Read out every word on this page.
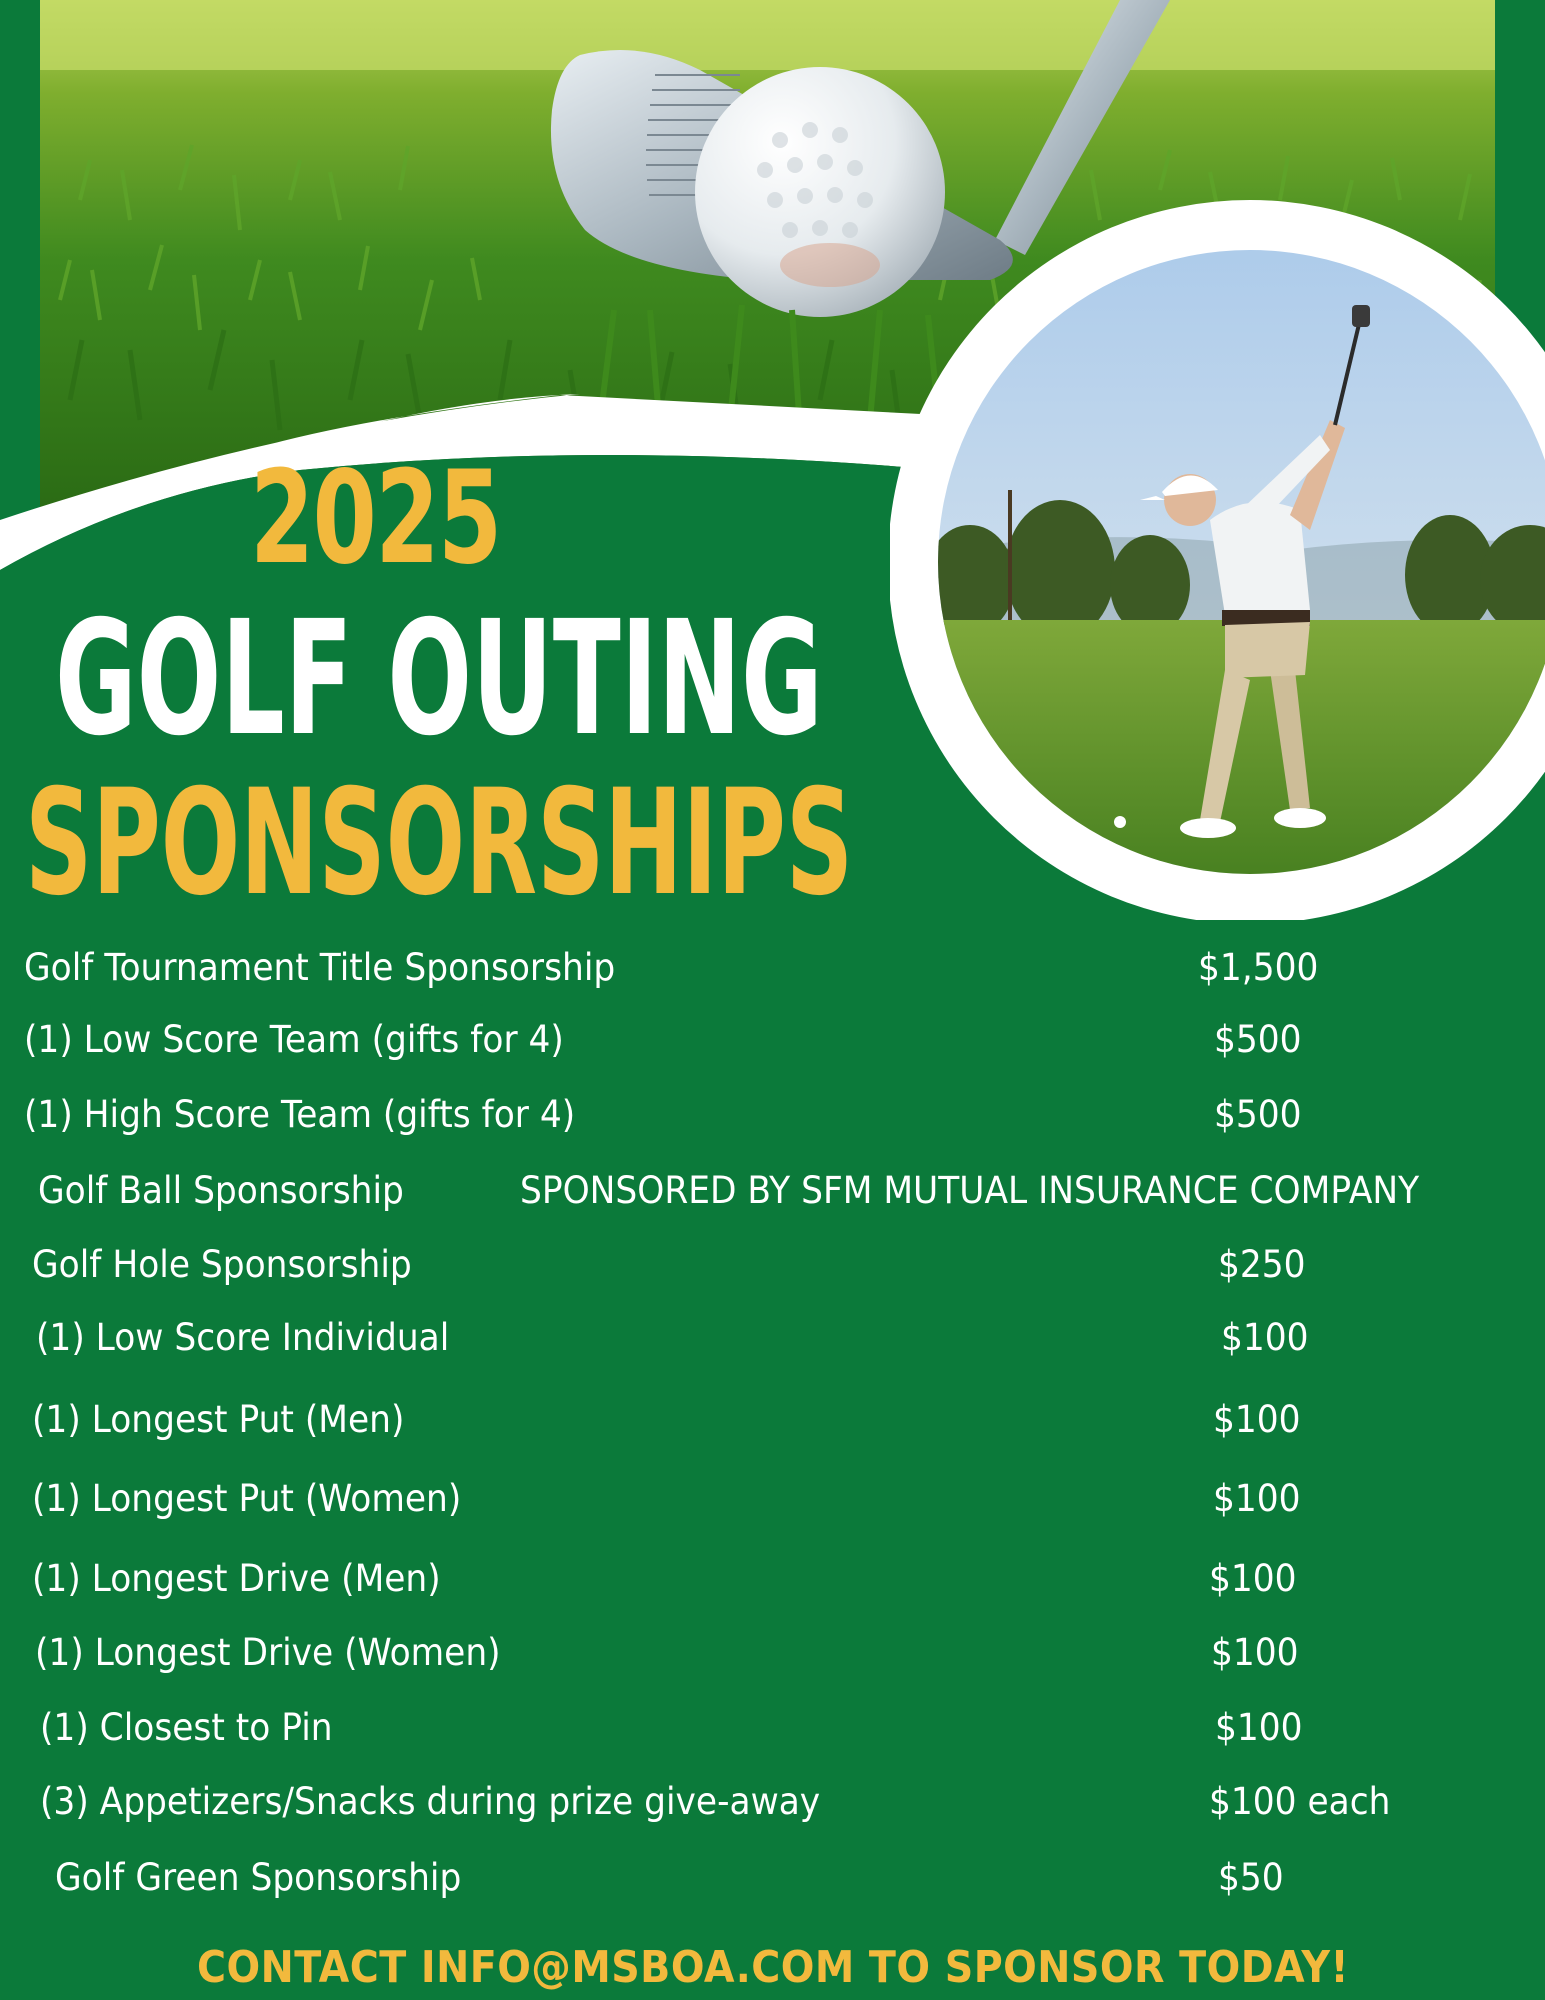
2025
GOLF OUTING
SPONSORSHIPS
Golf Tournament Title Sponsorship	$1,500
(1) Low Score Team (gifts for 4)	$500
(1) High Score Team (gifts for 4)	$500
Golf Ball Sponsorship	SPONSORED BY SFM MUTUAL INSURANCE COMPANY
Golf Hole Sponsorship	$250
(1) Low Score Individual	$100
(1) Longest Put (Men)	$100
(1) Longest Put (Women)	$100
(1) Longest Drive (Men)	$100
(1) Longest Drive (Women)	$100
(1) Closest to Pin	$100
(3) Appetizers/Snacks during prize give-away	$100 each
Golf Green Sponsorship	$50
CONTACT INFO@MSBOA.COM TO SPONSOR TODAY!
